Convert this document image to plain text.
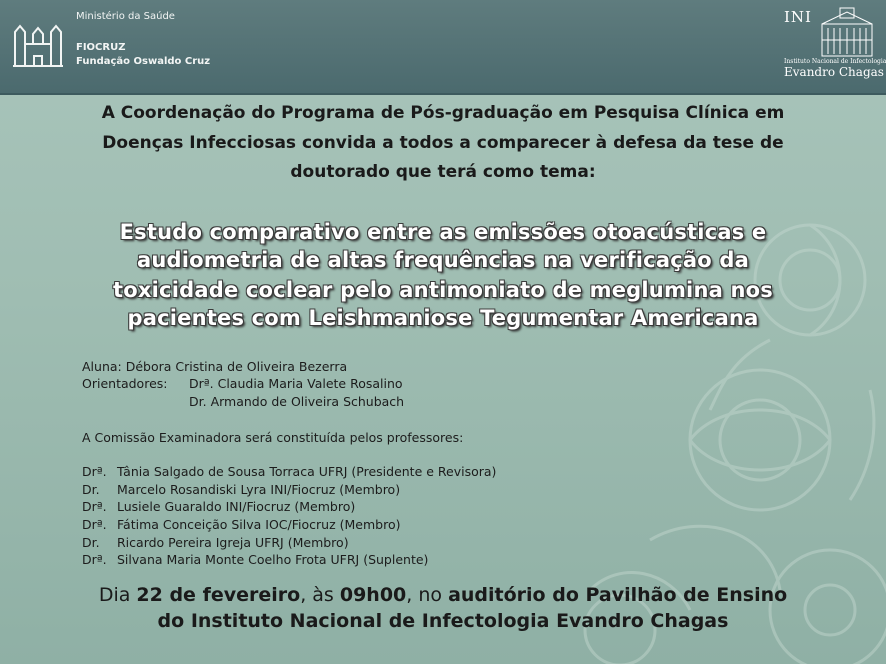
Ministério da Saúde
FIOCRUZ
Fundação Oswaldo Cruz
INI
Instituto Nacional de Infectologia
Evandro Chagas
A Coordenação do Programa de Pós-graduação em Pesquisa Clínica em
Doenças Infecciosas convida a todos a comparecer à defesa da tese de
doutorado que terá como tema:
Estudo comparativo entre as emissões otoacústicas e
audiometria de altas frequências na verificação da
toxicidade coclear pelo antimoniato de meglumina nos
pacientes com Leishmaniose Tegumentar Americana
Aluna: Débora Cristina de Oliveira Bezerra
Orientadores: Drª. Claudia Maria Valete Rosalino
Dr. Armando de Oliveira Schubach
A Comissão Examinadora será constituída pelos professores:
Drª. Tânia Salgado de Sousa Torraca UFRJ (Presidente e Revisora)
Dr. Marcelo Rosandiski Lyra INI/Fiocruz (Membro)
Drª. Lusiele Guaraldo INI/Fiocruz (Membro)
Drª. Fátima Conceição Silva IOC/Fiocruz (Membro)
Dr. Ricardo Pereira Igreja UFRJ (Membro)
Drª. Silvana Maria Monte Coelho Frota UFRJ (Suplente)
Dia 22 de fevereiro, às 09h00, no auditório do Pavilhão de Ensino
do Instituto Nacional de Infectologia Evandro Chagas
